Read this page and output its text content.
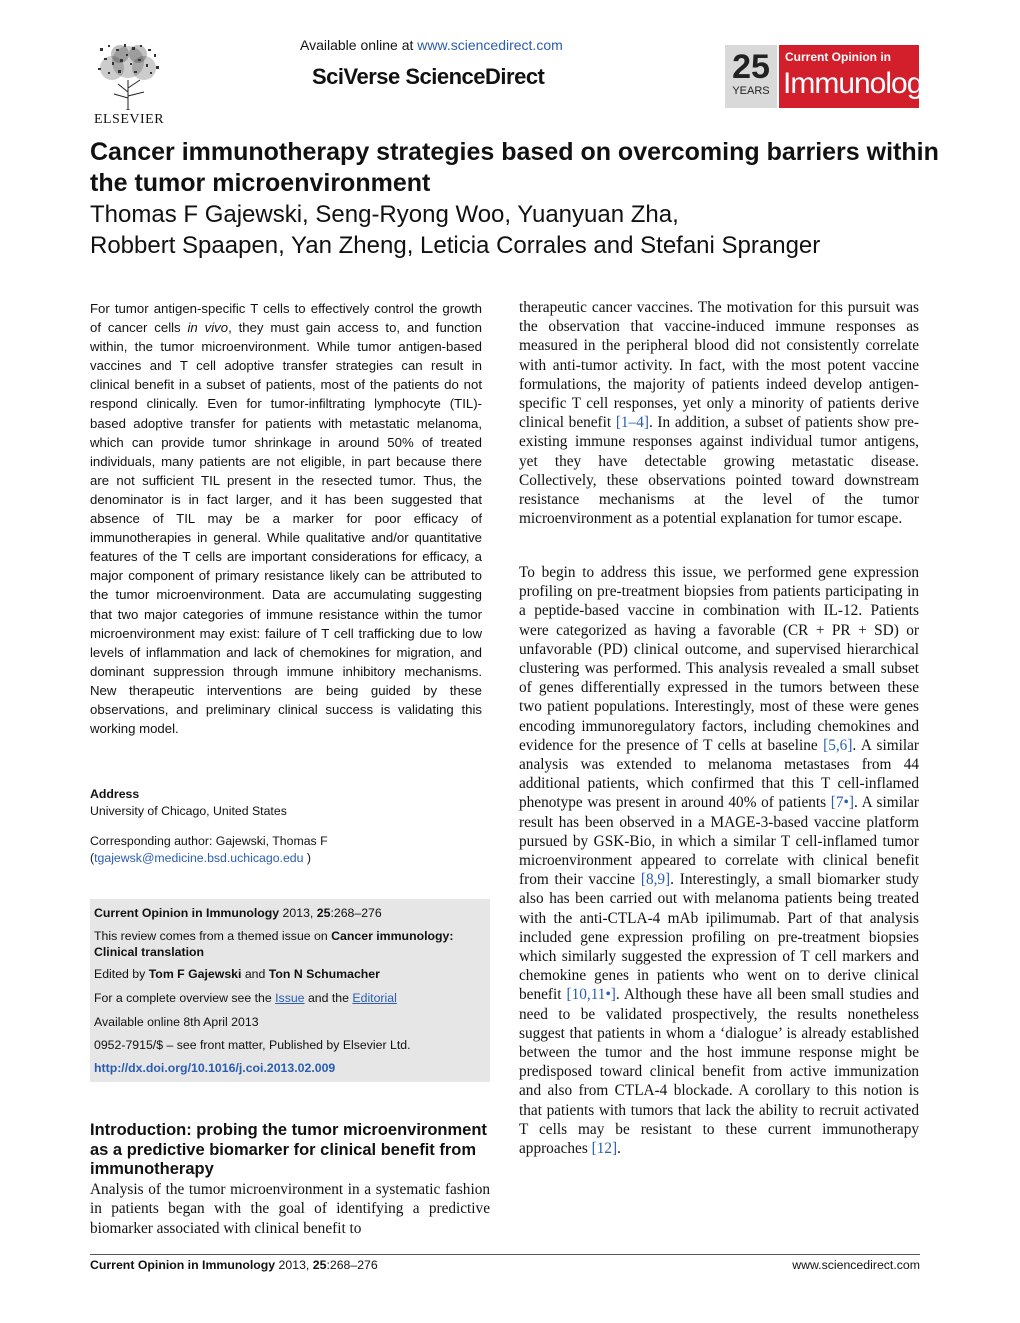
ELSEVIER
Available online at www.sciencedirect.com
SciVerse ScienceDirect	25
YEARS
Current Opinion in
Immunology
Cancer immunotherapy strategies based on overcoming barriers within the tumor microenvironment
Thomas F Gajewski, Seng-Ryong Woo, Yuanyuan Zha,
Robbert Spaapen, Yan Zheng, Leticia Corrales and Stefani Spranger
For tumor antigen-specific T cells to effectively control the growth of cancer cells in vivo, they must gain access to, and function within, the tumor microenvironment. While tumor antigen-based vaccines and T cell adoptive transfer strategies can result in clinical benefit in a subset of patients, most of the patients do not respond clinically. Even for tumor-infiltrating lymphocyte (TIL)-based adoptive transfer for patients with metastatic melanoma, which can provide tumor shrinkage in around 50% of treated individuals, many patients are not eligible, in part because there are not sufficient TIL present in the resected tumor. Thus, the denominator is in fact larger, and it has been suggested that absence of TIL may be a marker for poor efficacy of immunotherapies in general. While qualitative and/or quantitative features of the T cells are important considerations for efficacy, a major component of primary resistance likely can be attributed to the tumor microenvironment. Data are accumulating suggesting that two major categories of immune resistance within the tumor microenvironment may exist: failure of T cell trafficking due to low levels of inflammation and lack of chemokines for migration, and dominant suppression through immune inhibitory mechanisms. New therapeutic interventions are being guided by these observations, and preliminary clinical success is validating this working model.
Address
University of Chicago, United States
Corresponding author: Gajewski, Thomas F
(tgajewsk@medicine.bsd.uchicago.edu )
Current Opinion in Immunology 2013, 25:268–276
This review comes from a themed issue on Cancer immunology:
Clinical translation
Edited by Tom F Gajewski and Ton N Schumacher
For a complete overview see the Issue and the Editorial
Available online 8th April 2013
0952-7915/$ – see front matter, Published by Elsevier Ltd.
http://dx.doi.org/10.1016/j.coi.2013.02.009
Introduction: probing the tumor microenvironment as a predictive biomarker for clinical benefit from immunotherapy
Analysis of the tumor microenvironment in a systematic fashion in patients began with the goal of identifying a predictive biomarker associated with clinical benefit to
therapeutic cancer vaccines. The motivation for this pursuit was the observation that vaccine-induced immune responses as measured in the peripheral blood did not consistently correlate with anti-tumor activity. In fact, with the most potent vaccine formulations, the majority of patients indeed develop antigen-specific T cell responses, yet only a minority of patients derive clinical benefit [1–4]. In addition, a subset of patients show pre-existing immune responses against individual tumor antigens, yet they have detectable growing metastatic disease. Collectively, these observations pointed toward downstream resistance mechanisms at the level of the tumor microenvironment as a potential explanation for tumor escape.
To begin to address this issue, we performed gene expression profiling on pre-treatment biopsies from patients participating in a peptide-based vaccine in combination with IL-12. Patients were categorized as having a favorable (CR + PR + SD) or unfavorable (PD) clinical outcome, and supervised hierarchical clustering was performed. This analysis revealed a small subset of genes differentially expressed in the tumors between these two patient populations. Interestingly, most of these were genes encoding immunoregulatory factors, including chemokines and evidence for the presence of T cells at baseline [5,6]. A similar analysis was extended to melanoma metastases from 44 additional patients, which confirmed that this T cell-inflamed phenotype was present in around 40% of patients [7•]. A similar result has been observed in a MAGE-3-based vaccine platform pursued by GSK-Bio, in which a similar T cell-inflamed tumor microenvironment appeared to correlate with clinical benefit from their vaccine [8,9]. Interestingly, a small biomarker study also has been carried out with melanoma patients being treated with the anti-CTLA-4 mAb ipilimumab. Part of that analysis included gene expression profiling on pre-treatment biopsies which similarly suggested the expression of T cell markers and chemokine genes in patients who went on to derive clinical benefit [10,11•]. Although these have all been small studies and need to be validated prospectively, the results nonetheless suggest that patients in whom a ‘dialogue’ is already established between the tumor and the host immune response might be predisposed toward clinical benefit from active immunization and also from CTLA-4 blockade. A corollary to this notion is that patients with tumors that lack the ability to recruit activated T cells may be resistant to these current immunotherapy approaches [12].
Current Opinion in Immunology 2013, 25:268–276	www.sciencedirect.com
